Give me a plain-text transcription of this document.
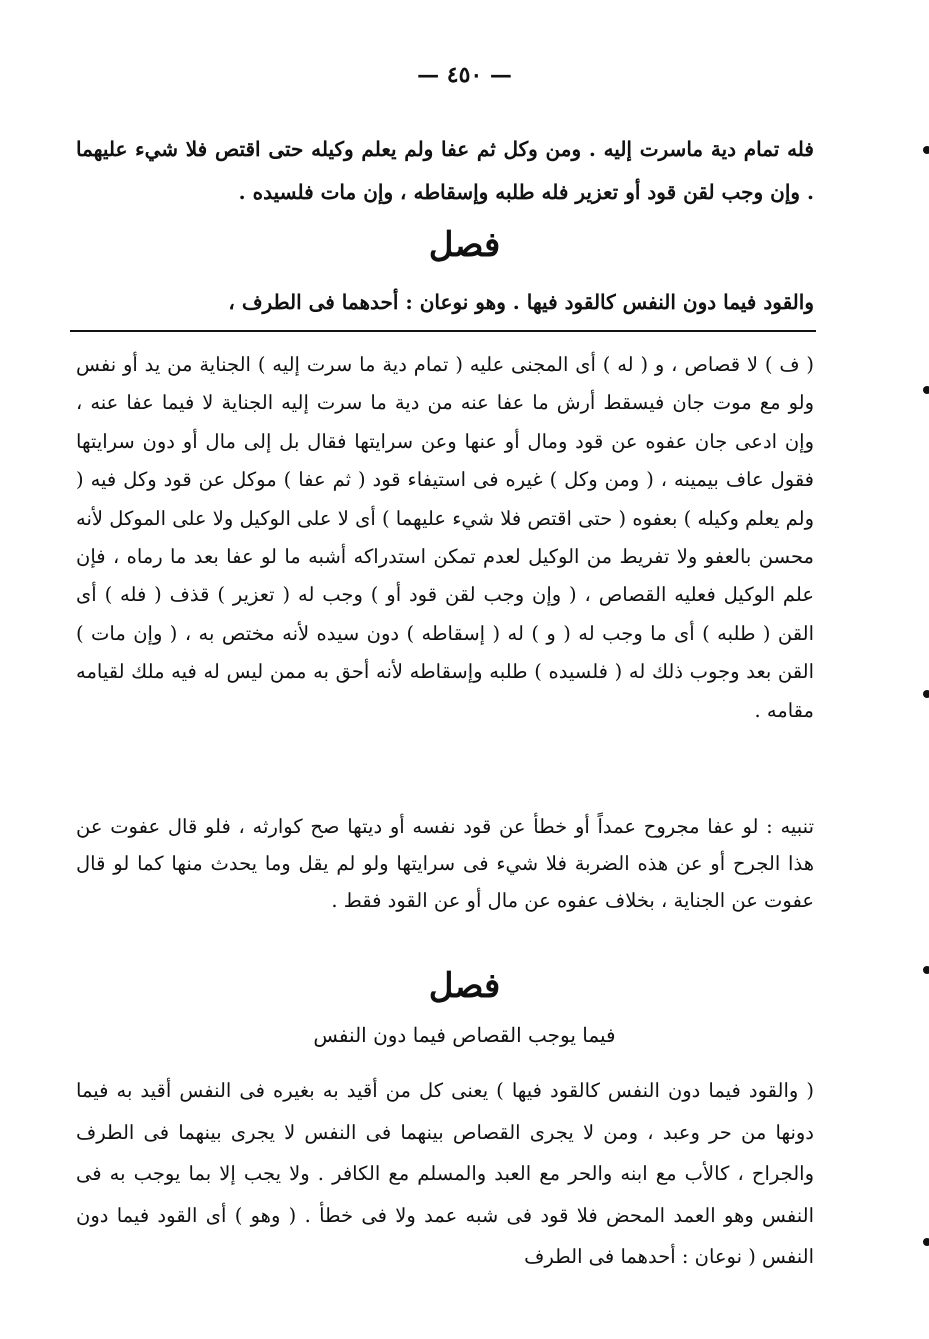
— ٤٥٠ —
فله تمام دية ماسرت إليه . ومن وكل ثم عفا ولم يعلم وكيله حتى اقتص فلا شيء عليهما . وإن وجب لقن قود أو تعزير فله طلبه وإسقاطه ، وإن مات فلسيده .
فصل
والقود فيما دون النفس كالقود فيها . وهو نوعان : أحدهما فى الطرف ،
( ف ) لا قصاص ، و ( له ) أى المجنى عليه ( تمام دية ما سرت إليه ) الجناية من يد أو نفس ولو مع موت جان فيسقط أرش ما عفا عنه من دية ما سرت إليه الجناية لا فيما عفا عنه ، وإن ادعى جان عفوه عن قود ومال أو عنها وعن سرايتها فقال بل إلى مال أو دون سرايتها فقول عاف بيمينه ، ( ومن وكل ) غيره فى استيفاء قود ( ثم عفا ) موكل عن قود وكل فيه ( ولم يعلم وكيله ) بعفوه ( حتى اقتص فلا شيء عليهما ) أى لا على الوكيل ولا على الموكل لأنه محسن بالعفو ولا تفريط من الوكيل لعدم تمكن استدراكه أشبه ما لو عفا بعد ما رماه ، فإن علم الوكيل فعليه القصاص ، ( وإن وجب لقن قود أو ) وجب له ( تعزير ) قذف ( فله ) أى القن ( طلبه ) أى ما وجب له ( و ) له ( إسقاطه ) دون سيده لأنه مختص به ، ( وإن مات ) القن بعد وجوب ذلك له ( فلسيده ) طلبه وإسقاطه لأنه أحق به ممن ليس له فيه ملك لقيامه مقامه .
تنبيه : لو عفا مجروح عمداً أو خطأ عن قود نفسه أو ديتها صح كوارثه ، فلو قال عفوت عن هذا الجرح أو عن هذه الضربة فلا شيء فى سرايتها ولو لم يقل وما يحدث منها كما لو قال عفوت عن الجناية ، بخلاف عفوه عن مال أو عن القود فقط .
فصل
فيما يوجب القصاص فيما دون النفس
( والقود فيما دون النفس كالقود فيها ) يعنى كل من أقيد به بغيره فى النفس أقيد به فيما دونها من حر وعبد ، ومن لا يجرى القصاص بينهما فى النفس لا يجرى بينهما فى الطرف والجراح ، كالأب مع ابنه والحر مع العبد والمسلم مع الكافر . ولا يجب إلا بما يوجب به فى النفس وهو العمد المحض فلا قود فى شبه عمد ولا فى خطأ . ( وهو ) أى القود فيما دون النفس ( نوعان : أحدهما فى الطرف
